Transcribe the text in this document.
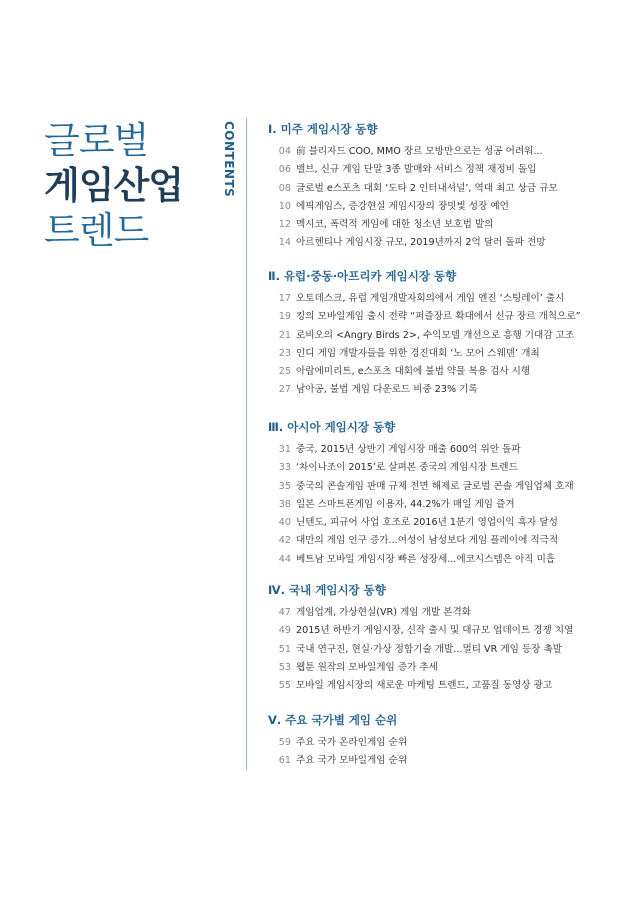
글로벌
게임산업
트렌드
CONTENTS	Ⅰ. 미주 게임시장 동향
04 前 블리자드 COO, MMO 장르 모방만으로는 성공 어려워...
06 밸브, 신규 게임 단말 3종 발매와 서비스 정책 재정비 돌입
08 글로벌 e스포츠 대회 ‘도타 2 인터내셔널’, 역대 최고 상금 규모
10 에픽게임스, 증강현실 게임시장의 장밋빛 성장 예언
12 멕시코, 폭력적 게임에 대한 청소년 보호법 발의
14 아르헨티나 게임시장 규모, 2019년까지 2억 달러 돌파 전망
Ⅱ. 유럽·중동·아프리카 게임시장 동향
17 오토데스크, 유럽 게임개발자회의에서 게임 엔진 ‘스팅레이’ 출시
19 킹의 모바일게임 출시 전략 “퍼즐장르 확대에서 신규 장르 개척으로”
21 로비오의 <Angry Birds 2>, 수익모델 개선으로 흥행 기대감 고조
23 인디 게임 개발자들을 위한 경진대회 ‘노 모어 스웨덴’ 개최
25 아랍에미리트, e스포츠 대회에 불법 약물 복용 검사 시행
27 남아공, 불법 게임 다운로드 비중 23% 기록
Ⅲ. 아시아 게임시장 동향
31 중국, 2015년 상반기 게임시장 매출 600억 위안 돌파
33 ‘차이나조이 2015’로 살펴본 중국의 게임시장 트렌드
35 중국의 콘솔게임 판매 규제 전면 해제로 글로벌 콘솔 게임업체 호재
38 일본 스마트폰게임 이용자, 44.2%가 매일 게임 즐겨
40 닌텐도, 피규어 사업 호조로 2016년 1분기 영업이익 흑자 달성
42 대만의 게임 인구 증가...여성이 남성보다 게임 플레이에 적극적
44 베트남 모바일 게임시장 빠른 성장세...에코시스템은 아직 미흡
Ⅳ. 국내 게임시장 동향
47 게임업계, 가상현실(VR) 게임 개발 본격화
49 2015년 하반기 게임시장, 신작 출시 및 대규모 업데이트 경쟁 치열
51 국내 연구진, 현실·가상 정합기술 개발...멀티 VR 게임 등장 촉발
53 웹툰 원작의 모바일게임 증가 추세
55 모바일 게임시장의 새로운 마케팅 트렌드, 고품질 동영상 광고
Ⅴ. 주요 국가별 게임 순위
59 주요 국가 온라인게임 순위
61 주요 국가 모바일게임 순위
